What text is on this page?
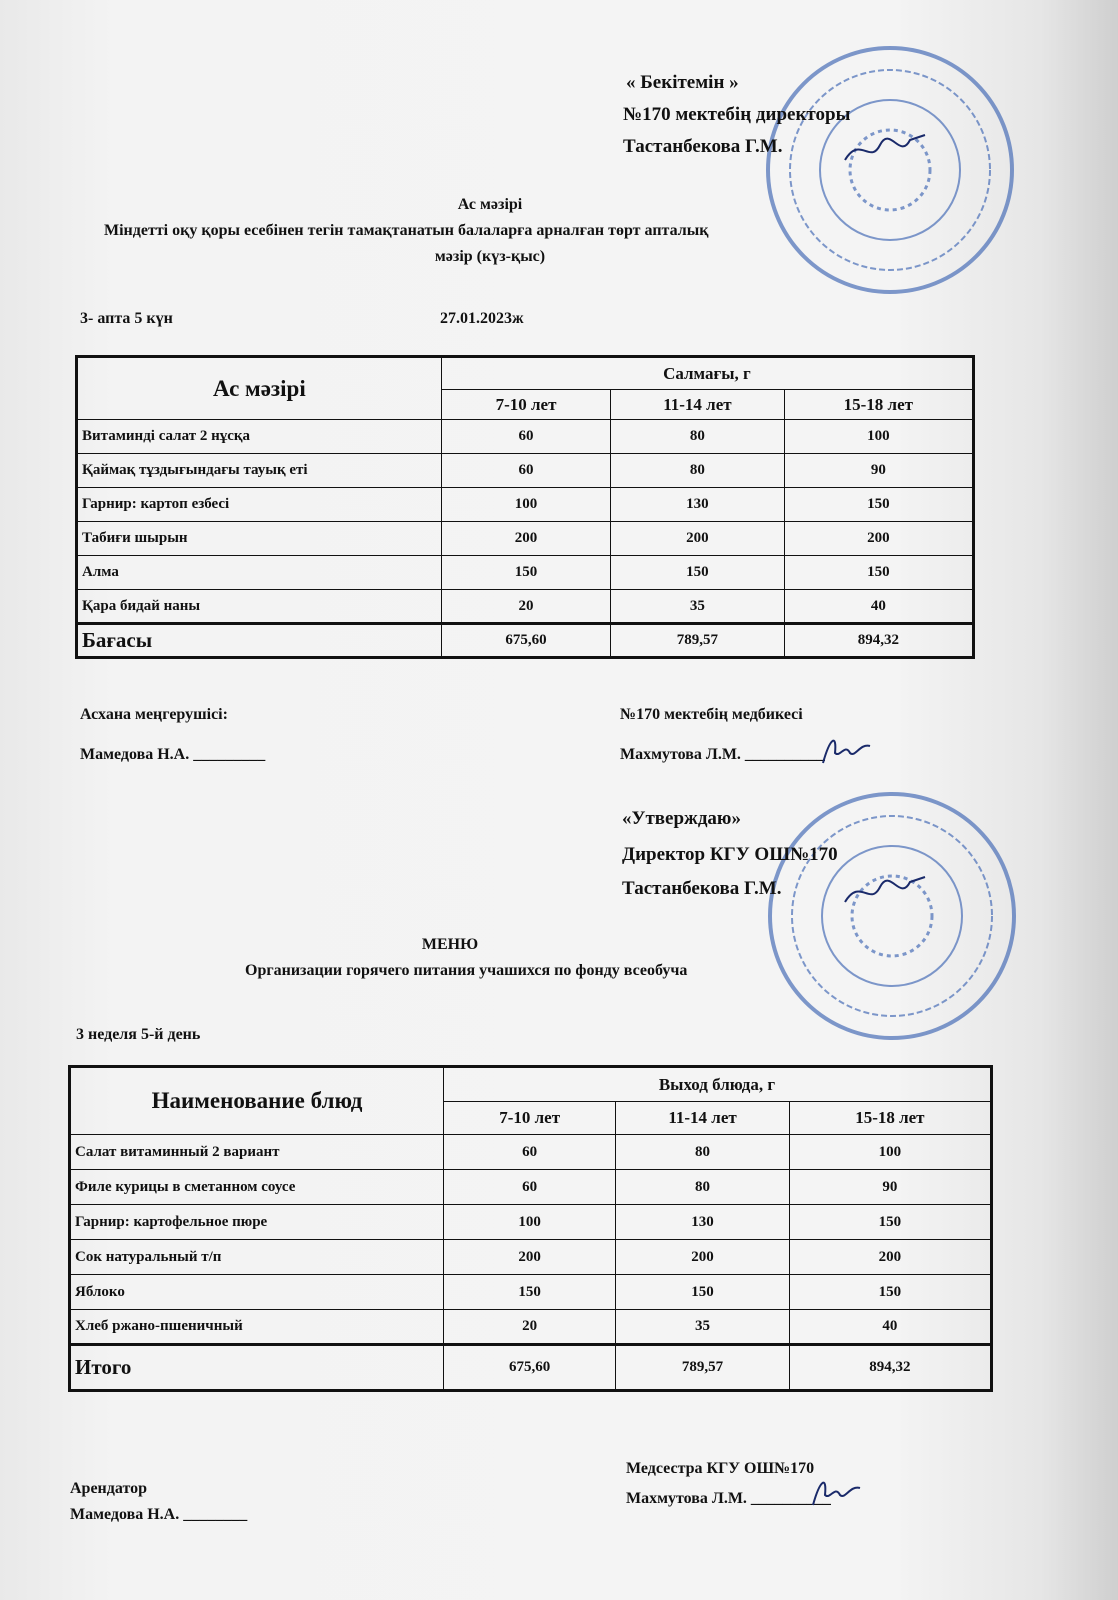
« Бекітемін »
№170 мектебің директоры
Тастанбекова Г.М.
Ас мәзірі
Міндетті оқу қоры есебінен тегін тамақтанатын балаларға арналған төрт апталық
мәзір (күз-қыс)
3- апта 5 күн	27.01.2023ж
Ас мәзірі	Салмағы, г		
	7-10 лет	11-14 лет	15-18 лет
Витаминді салат 2 нұсқа	60	80	100
Қаймақ тұздығындағы тауық еті	60	80	90
Гарнир: картоп езбесі	100	130	150
Табиғи шырын	200	200	200
Алма	150	150	150
Қара бидай наны	20	35	40
Бағасы	675,60	789,57	894,32
Асхана меңгерушісі:
Мамедова Н.А. _________
№170 мектебің медбикесі
Махмутова Л.М. __________
«Утверждаю»
Директор КГУ ОШ№170
Тастанбекова Г.М.
МЕНЮ
Организации горячего питания учашихся по фонду всеобуча
3 неделя 5-й день
Наименование блюд	Выход блюда, г		
	7-10 лет	11-14 лет	15-18 лет
Салат витаминный 2 вариант	60	80	100
Филе курицы в сметанном соусе	60	80	90
Гарнир: картофельное пюре	100	130	150
Сок натуральный т/п	200	200	200
Яблоко	150	150	150
Хлеб ржано-пшеничный	20	35	40
Итого	675,60	789,57	894,32
Арендатор
Мамедова Н.А. ________
Медсестра КГУ ОШ№170
Махмутова Л.М. __________
